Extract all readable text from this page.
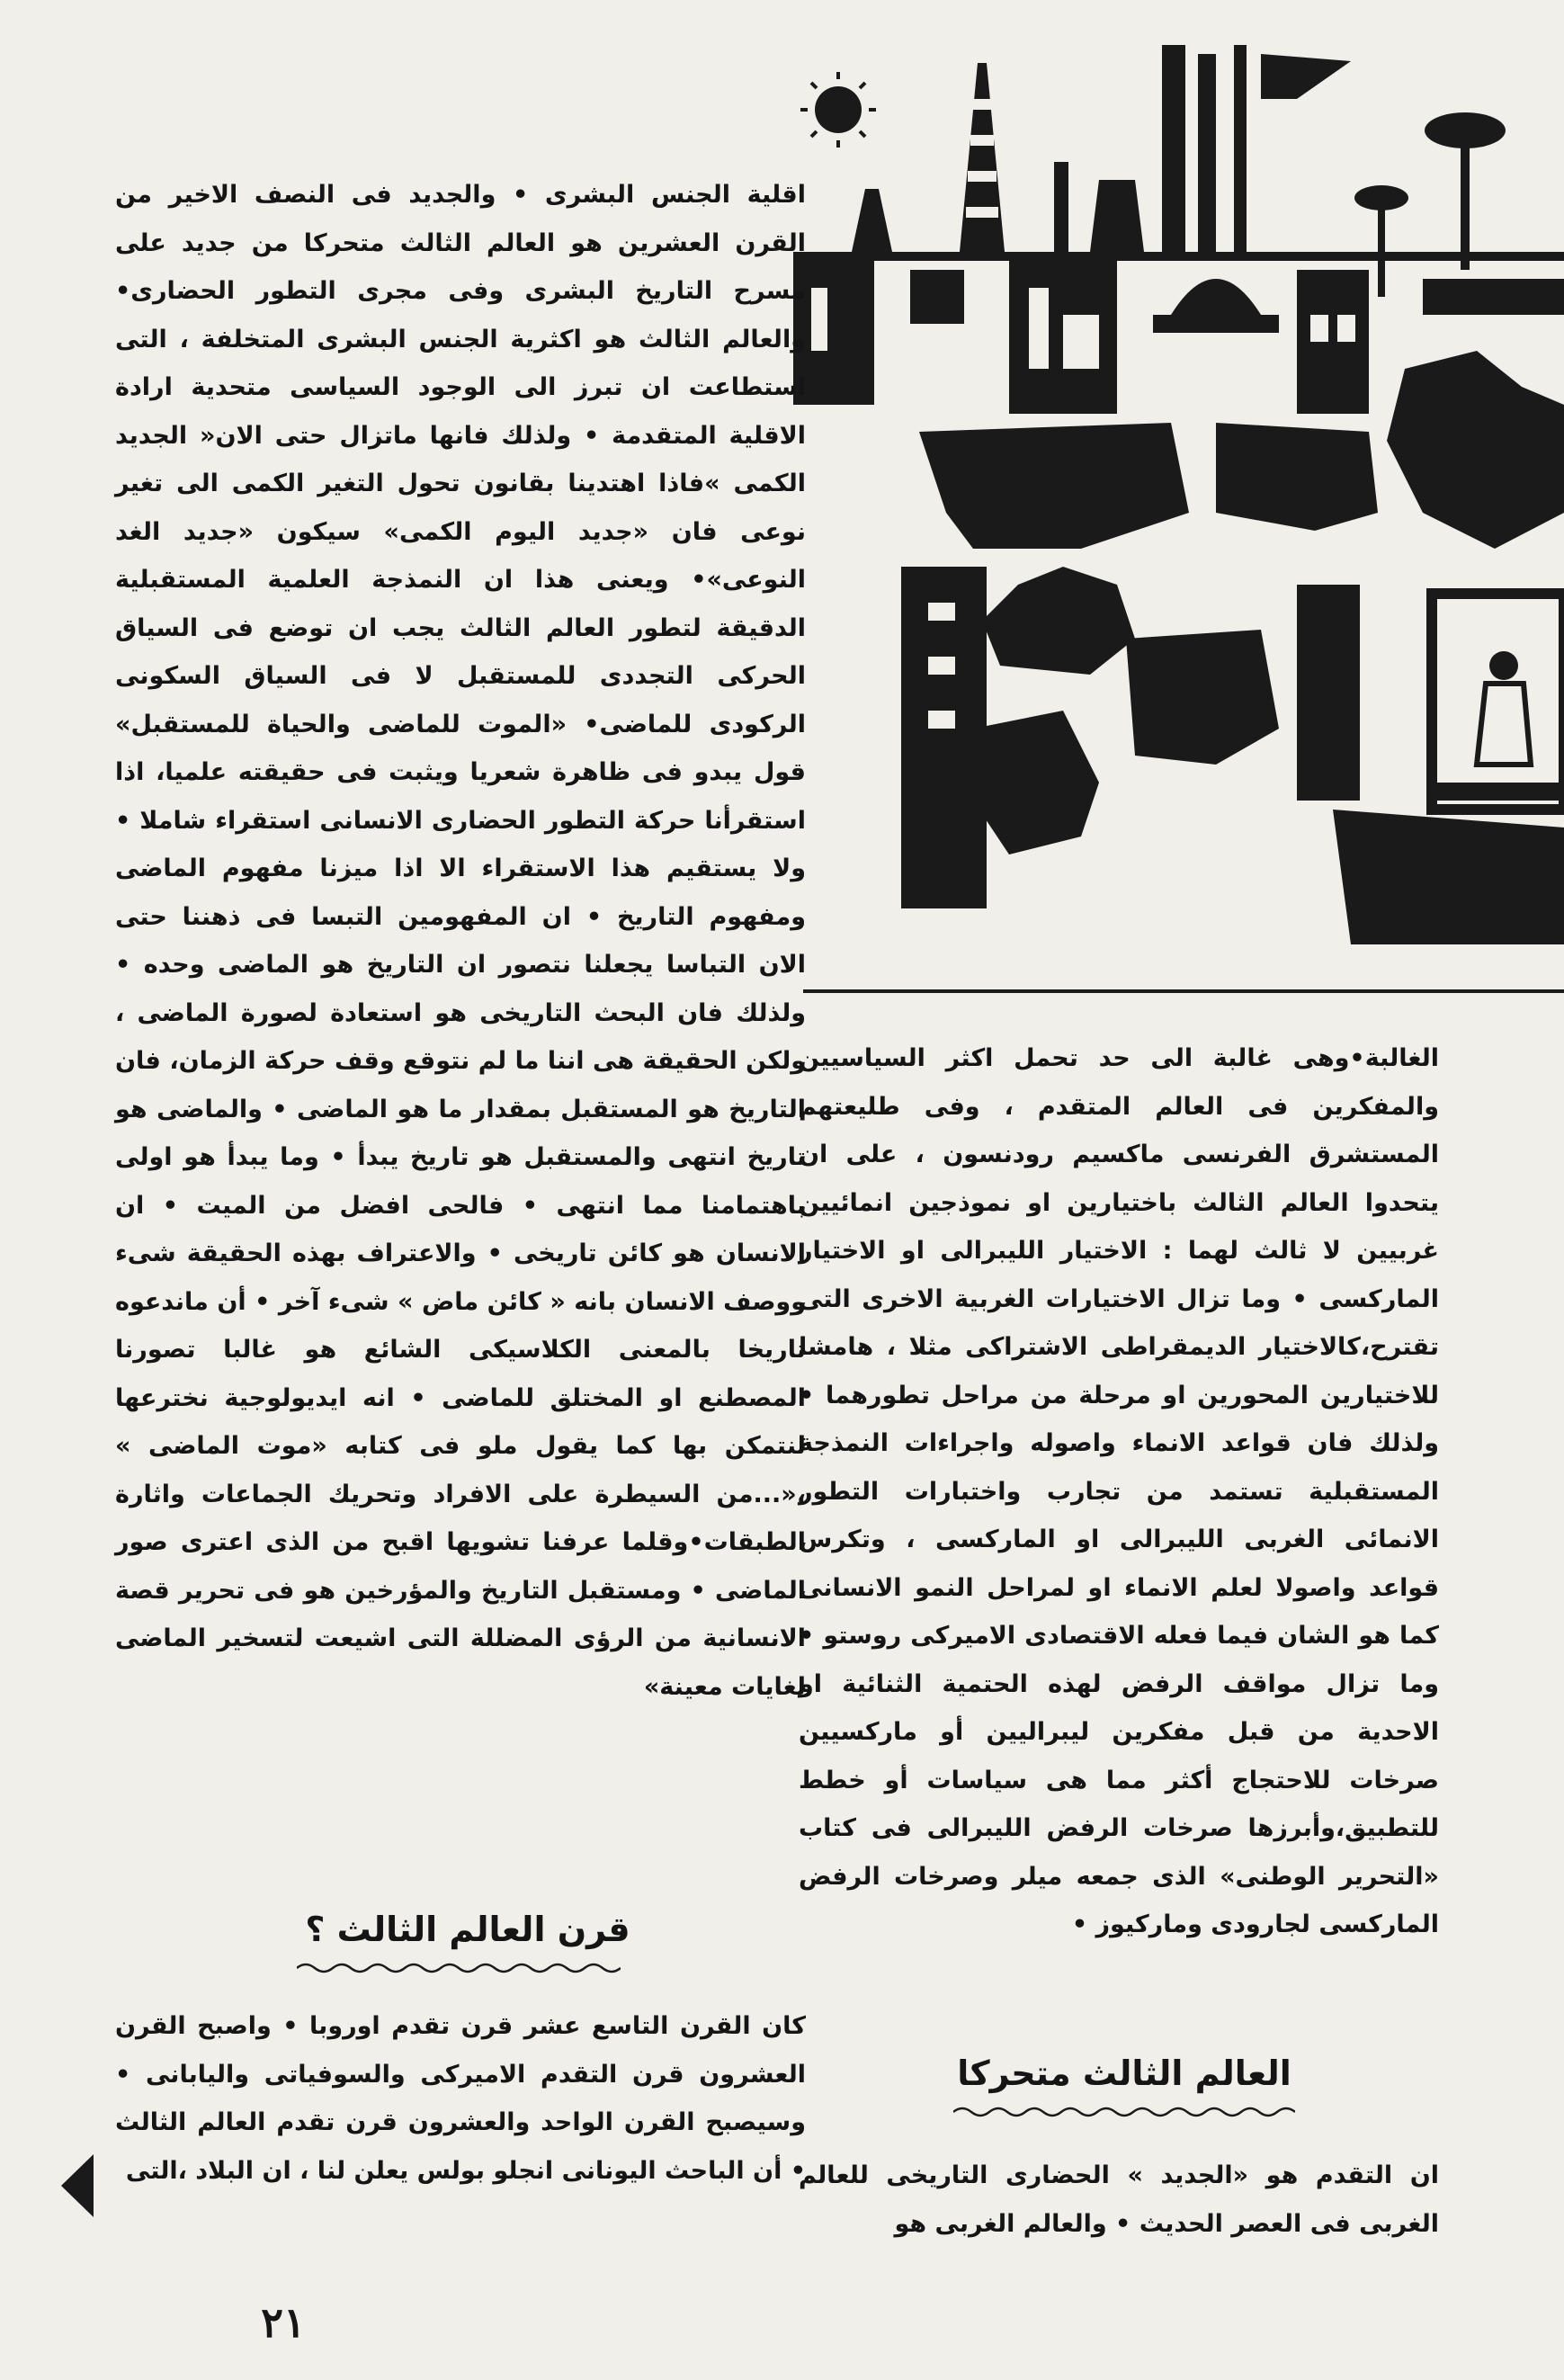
اقلية الجنس البشرى • والجديد فى النصف الاخير من القرن العشرين هو العالم الثالث متحركا من جديد على مسرح التاريخ البشرى وفى مجرى التطور الحضارى• والعالم الثالث هو اكثرية الجنس البشرى المتخلفة ، التى استطاعت ان تبرز الى الوجود السياسى متحدية ارادة الاقلية المتقدمة • ولذلك فانها ماتزال حتى الان« الجديد الكمى »فاذا اهتدينا بقانون تحول التغير الكمى الى تغير نوعى فان «جديد اليوم الكمى» سيكون «جديد الغد النوعى»• ويعنى هذا ان النمذجة العلمية المستقبلية الدقيقة لتطور العالم الثالث يجب ان توضع فى السياق الحركى التجددى للمستقبل لا فى السياق السكونى الركودى للماضى• «الموت للماضى والحياة للمستقبل» قول يبدو فى ظاهرة شعريا ويثبت فى حقيقته علميا، اذا استقرأنا حركة التطور الحضارى الانسانى استقراء شاملا • ولا يستقيم هذا الاستقراء الا اذا ميزنا مفهوم الماضى ومفهوم التاريخ • ان المفهومين التبسا فى ذهننا حتى الان التباسا يجعلنا نتصور ان التاريخ هو الماضى وحده • ولذلك فان البحث التاريخى هو استعادة لصورة الماضى ، ولكن الحقيقة هى اننا ما لم نتوقع وقف حركة الزمان، فان التاريخ هو المستقبل بمقدار ما هو الماضى • والماضى هو تاريخ انتهى والمستقبل هو تاريخ يبدأ • وما يبدأ هو اولى باهتمامنا مما انتهى • فالحى افضل من الميت • ان الانسان هو كائن تاريخى • والاعتراف بهذه الحقيقة شىء ووصف الانسان بانه « كائن ماض » شىء آخر • أن ماندعوه تاريخا بالمعنى الكلاسيكى الشائع هو غالبا تصورنا المصطنع او المختلق للماضى • انه ايديولوجية نخترعها لنتمكن بها كما يقول ملو فى كتابه «موت الماضى » ،«...من السيطرة على الافراد وتحريك الجماعات واثارة الطبقات•وقلما عرفنا تشويها اقبح من الذى اعترى صور الماضى • ومستقبل التاريخ والمؤرخين هو فى تحرير قصة الانسانية من الرؤى المضللة التى اشيعت لتسخير الماضى لغايات معينة»

قرن العالم الثالث ؟

كان القرن التاسع عشر قرن تقدم اوروبا • واصبح القرن العشرون قرن التقدم الاميركى والسوفياتى واليابانى • وسيصبح القرن الواحد والعشرون قرن تقدم العالم الثالث • أن الباحث اليونانى انجلو بولس يعلن لنا ، ان البلاد ،التى

الغالبة•وهى غالبة الى حد تحمل اكثر السياسيين والمفكرين فى العالم المتقدم ، وفى طليعتهم المستشرق الفرنسى ماكسيم رودنسون ، على ان يتحدوا العالم الثالث باختيارين او نموذجين انمائيين غربيين لا ثالث لهما : الاختيار الليبرالى او الاختيار الماركسى • وما تزال الاختيارات الغربية الاخرى التى تقترح،كالاختيار الديمقراطى الاشتراكى مثلا ، هامشا للاختيارين المحورين او مرحلة من مراحل تطورهما • ولذلك فان قواعد الانماء واصوله واجراءات النمذجة المستقبلية تستمد من تجارب واختبارات التطور الانمائى الغربى الليبرالى او الماركسى ، وتكرس قواعد واصولا لعلم الانماء او لمراحل النمو الانسانى كما هو الشان فيما فعله الاقتصادى الاميركى روستو • وما تزال مواقف الرفض لهذه الحتمية الثنائية او الاحدية من قبل مفكرين ليبراليين أو ماركسيين صرخات للاحتجاج أكثر مما هى سياسات أو خطط للتطبيق،وأبرزها صرخات الرفض الليبرالى فى كتاب «التحرير الوطنى» الذى جمعه ميلر وصرخات الرفض الماركسى لجارودى وماركيوز •

العالم الثالث متحركا

ان التقدم هو «الجديد » الحضارى التاريخى للعالم الغربى فى العصر الحديث • والعالم الغربى هو

٢١
